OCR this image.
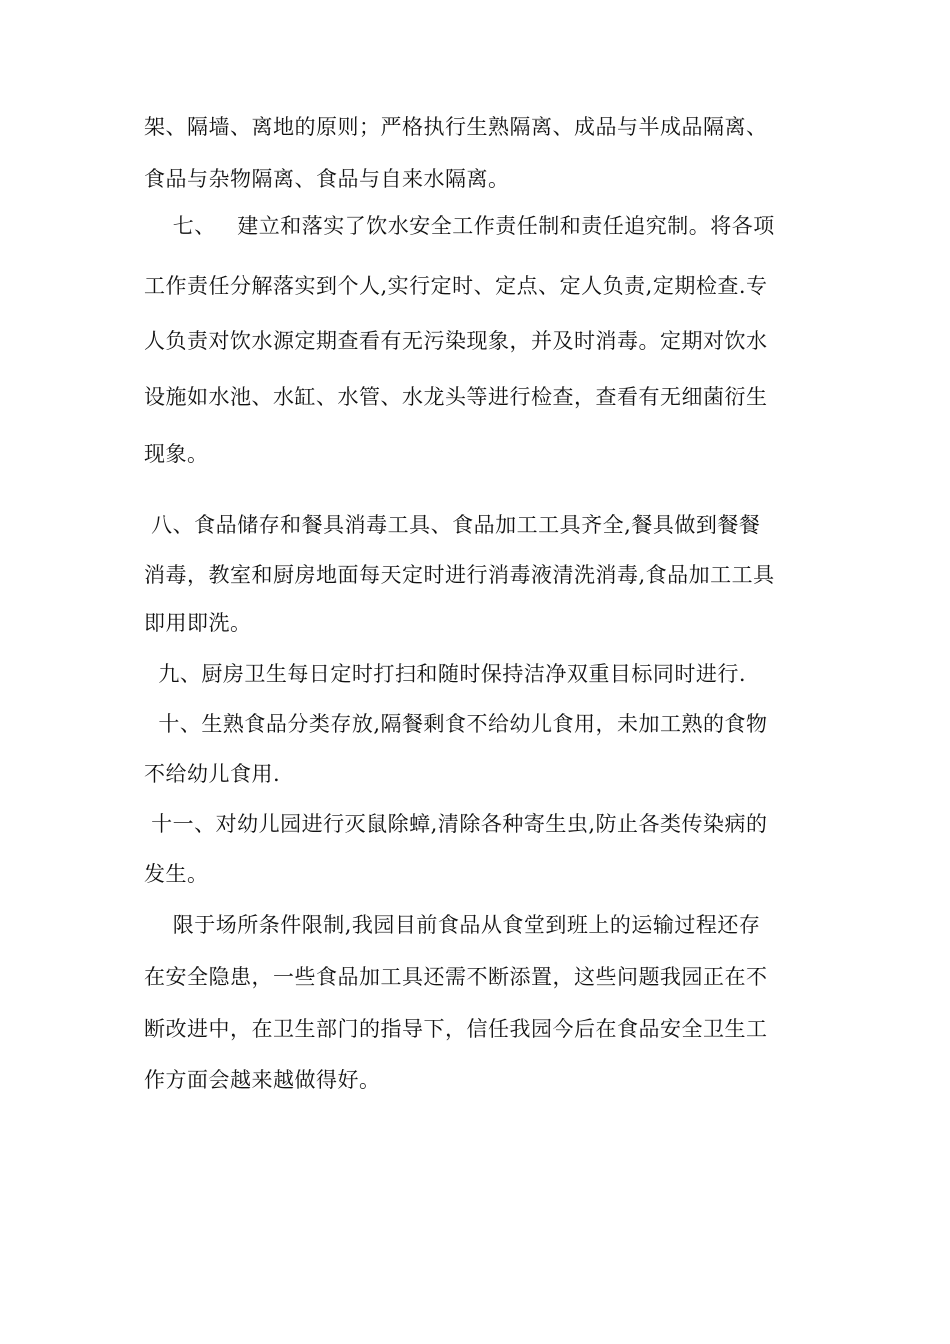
架、隔墙、离地的原则；严格执行生熟隔离、成品与半成品隔离、
食品与杂物隔离、食品与自来水隔离。
七、   建立和落实了饮水安全工作责任制和责任追究制。将各项
工作责任分解落实到个人,实行定时、定点、定人负责,定期检查.专
人负责对饮水源定期查看有无污染现象，并及时消毒。定期对饮水
设施如水池、水缸、水管、水龙头等进行检查，查看有无细菌衍生
现象。
八、食品储存和餐具消毒工具、食品加工工具齐全,餐具做到餐餐
消毒，教室和厨房地面每天定时进行消毒液清洗消毒,食品加工工具
即用即洗。
九、厨房卫生每日定时打扫和随时保持洁净双重目标同时进行.
十、生熟食品分类存放,隔餐剩食不给幼儿食用，未加工熟的食物
不给幼儿食用.
十一、对幼儿园进行灭鼠除蟑,清除各种寄生虫,防止各类传染病的
发生。
限于场所条件限制,我园目前食品从食堂到班上的运输过程还存
在安全隐患，一些食品加工具还需不断添置，这些问题我园正在不
断改进中，在卫生部门的指导下，信任我园今后在食品安全卫生工
作方面会越来越做得好。
